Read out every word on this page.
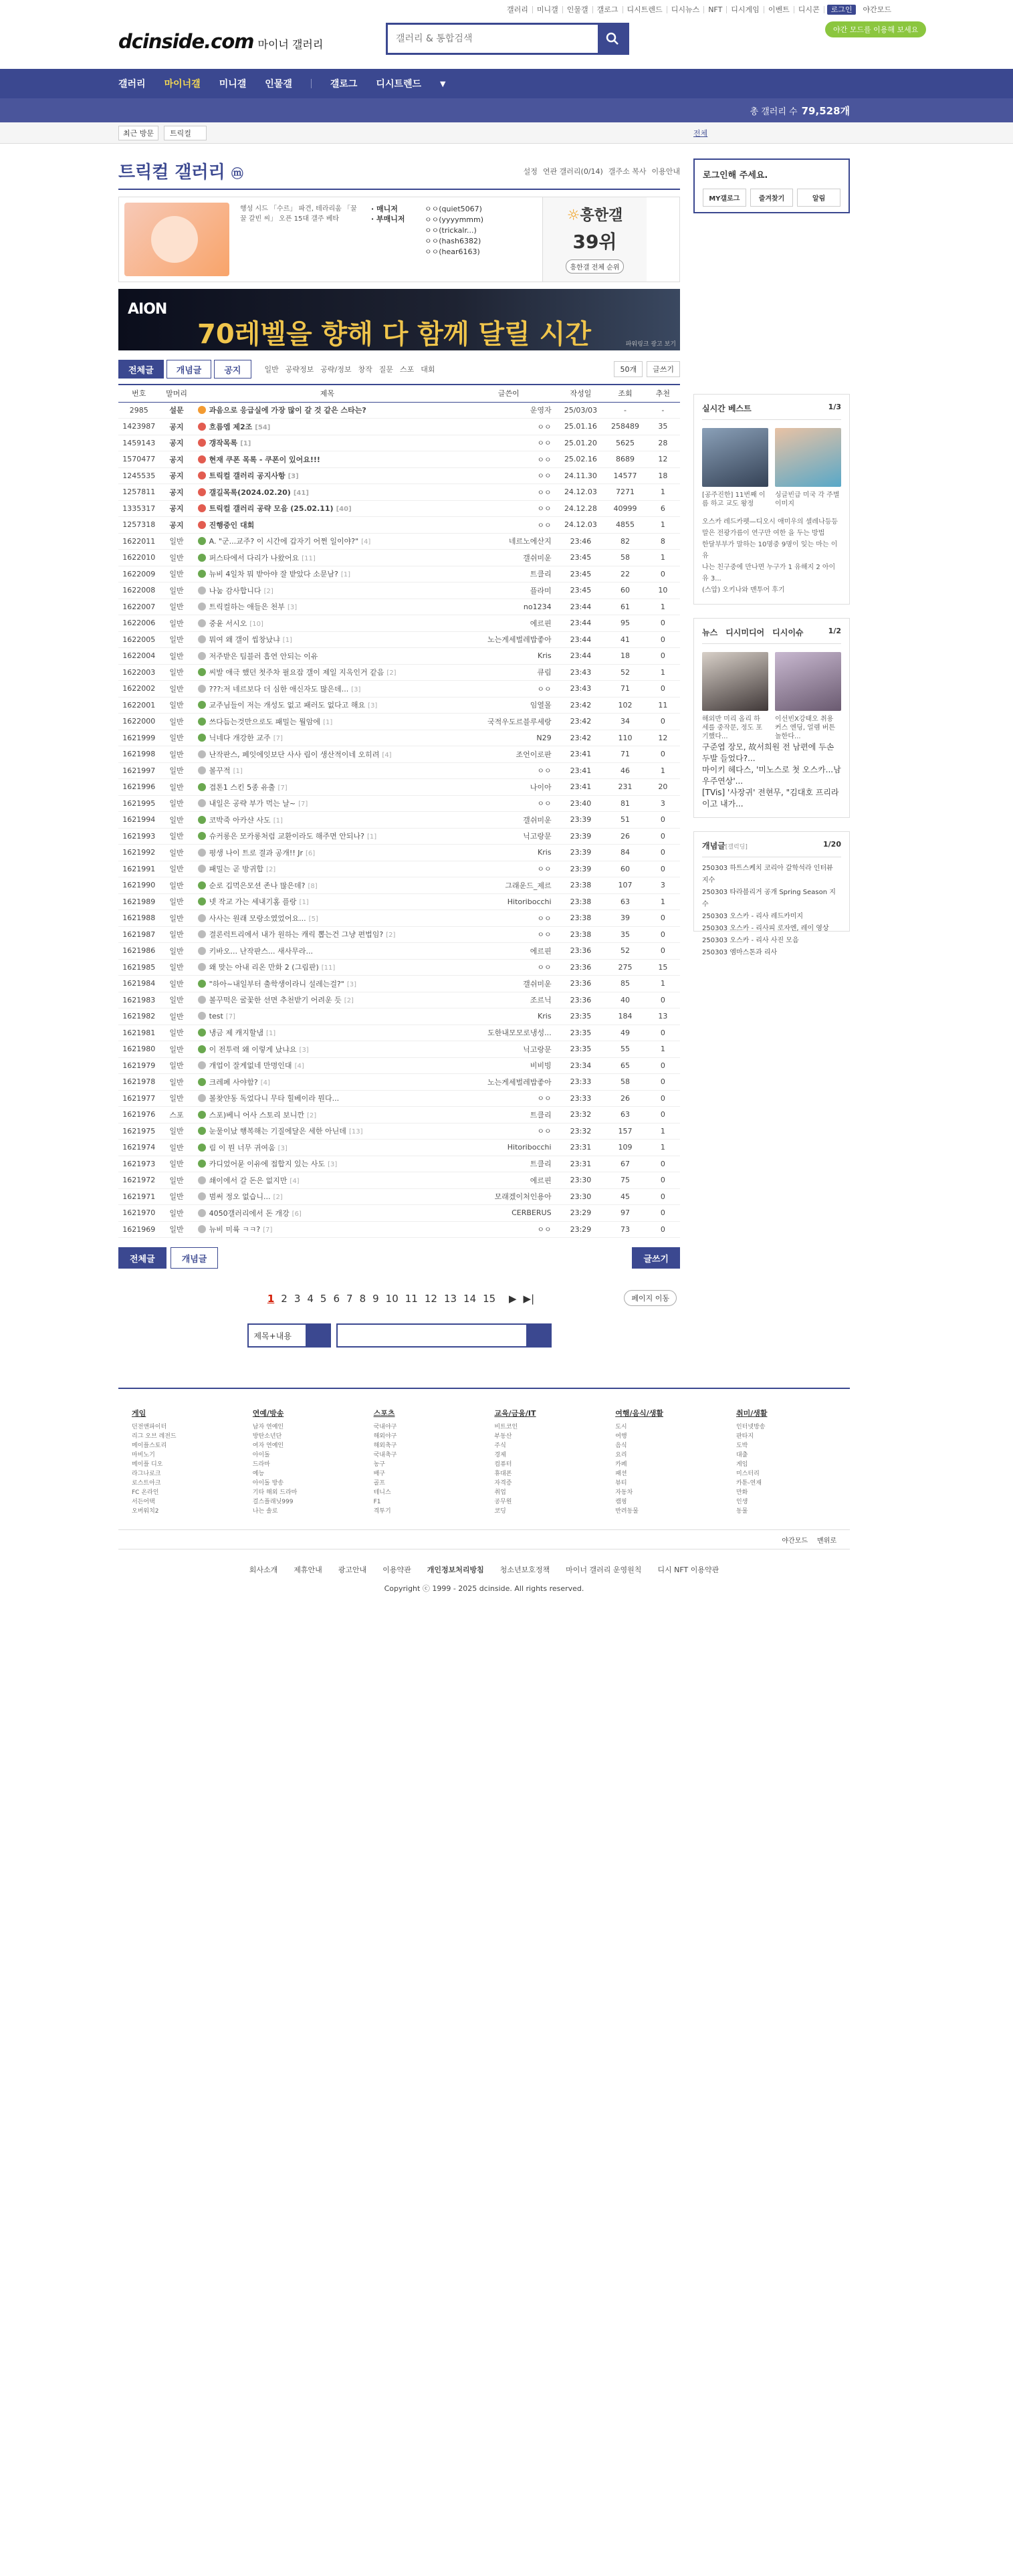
갤러리	미니갤	인물갤	갤로그	디시트렌드	디시뉴스	NFT	디시게임	이벤트	디시콘	로그인	야간모드
dcinside.com 마이너 갤러리
갤러리 & 통합검색
야간 모드를 이용해 보세요
갤러리 마이너갤 미니갤 인물갤	갤로그 디시트렌드	▼
총 갤러리 수 79,528개
최근 방문	트릭컬	전체
트릭컬 갤러리 ⓜ	설정 연관 갤러리(0/14) 갤주소 복사 이용안내
행성 시드 「수르」 파견, 테라리움 「꿀꿀 갈빈 씨」 오픈 15대 갤주 베타
· 매니저
· 부매니저
ㅇㅇ(quiet5067)
ㅇㅇ(yyyymmm)
ㅇㅇ(trickalr...)
ㅇㅇ(hash6382)
ㅇㅇ(hear6163)
☼흥한갤
39위
흥한갤 전체 순위
AION
70레벨을 향해 다 함께 달릴 시간	파워링크 광고 보기
전체글	개념글	공지	일반 공략정보 공략/정보 창작 질문 스포 대회	50개	글쓰기
번호	말머리	제목	글쓴이	작성일	조회	추천
2985	설문	과음으로 응급실에 가장 많이 갈 것 같은 스타는?	운영자	25/03/03	-	-
1423987	공지	흐름엠 제2조 [54]	ㅇㅇ	25.01.16	258489	35
1459143	공지	갱작목록 [1]	ㅇㅇ	25.01.20	5625	28
1570477	공지	현재 쿠폰 목록 - 쿠폰이 있어요!!!	ㅇㅇ	25.02.16	8689	12
1245535	공지	트릭컬 갤러리 공지사항 [3]	ㅇㅇ	24.11.30	14577	18
1257811	공지	갤길목록(2024.02.20) [41]	ㅇㅇ	24.12.03	7271	1
1335317	공지	트릭컬 갤러리 공략 모음 (25.02.11) [40]	ㅇㅇ	24.12.28	40999	6
1257318	공지	진행중인 대회	ㅇㅇ	24.12.03	4855	1
1622011	일반	A. "군...교주? 이 시간에 갑자기 어쩐 일이야?" [4]	네르노에산지	23:46	82	8
1622010	일반	퍼스타에서 다리가 나왔어요 [11]	갤쉬미운	23:45	58	1
1622009	일반	뉴비 4일차 뭐 받아야 잘 받았다 소문남? [1]	트클리	23:45	22	0
1622008	일반	나눔 감사합니다 [2]	플라미	23:45	60	10
1622007	일반	트릭컬하는 애들은 천부 [3]	no1234	23:44	61	1
1622006	일반	중윤 서시오 [10]	에르핀	23:44	95	0
1622005	일반	뭐여 왜 갤이 씹창났냐 [1]	노는게세벌레밥좋아	23:44	41	0
1622004	일반	저주받은 팀블러 흡연 안되는 이유	Kris	23:44	18	0
1622003	일반	씨발 애극 했던 첫주차 필요잡 갤이 제일 지옥인거 같음 [2]	큐림	23:43	52	1
1622002	일반	???:저 네르보다 더 심한 애신자도 많은데... [3]	ㅇㅇ	23:43	71	0
1622001	일반	교주님들이 저는 개성도 없고 패러도 없다고 해요 [3]	임열몰	23:42	102	11
1622000	일반	쓰다듬는것만으로도 패밀는 뭘암에 [1]	국적우도르블루세랑	23:42	34	0
1621999	일반	닉네다 개강한 교주 [7]	N29	23:42	110	12
1621998	일반	난작판스, 페잇에잇보단 사사 림이 생산적이네 오히려 [4]	조언이로판	23:41	71	0
1621997	일반	볼꾸적 [1]	ㅇㅇ	23:41	46	1
1621996	일반	겹톤1 스킨 5종 유출 [7]	나이아	23:41	231	20
1621995	일반	내일은 공략 부가 먹는 날~ [7]	ㅇㅇ	23:40	81	3
1621994	일반	코박죽 아카샨 사도 [1]	갤쉬미운	23:39	51	0
1621993	일반	슈커롱은 모카롱처럼 교환이라도 해주면 안되나? [1]	닉고랑문	23:39	26	0
1621992	일반	평생 나이 트로 결과 공개!! Jr [6]	Kris	23:39	84	0
1621991	일반	패밀는 곧 방귀합 [2]	ㅇㅇ	23:39	60	0
1621990	일반	순로 깁먹은모션 존나 많은데? [8]	그래운드_제르	23:38	107	3
1621989	일반	넷 작교 가는 세내기홈 플랑 [1]	Hitoribocchi	23:38	63	1
1621988	일반	사사는 원래 모랑소였었어요... [5]	ㅇㅇ	23:38	39	0
1621987	일반	결론럭트리에서 내가 원하는 캐릭 뽑는건 그냥 편법임? [2]	ㅇㅇ	23:38	35	0
1621986	일반	키바오... 난작판스... 새사무라...	에르핀	23:36	52	0
1621985	일반	왜 맞는 아내 리온 만화 2 (그림판) [11]	ㅇㅇ	23:36	275	15
1621984	일반	"하아~내일부터 출학생이라니 설레는걸?" [3]	갤쉬미운	23:36	85	1
1621983	일반	볼꾸떡은 굴꽃한 선면 추천받기 어려운 듯 [2]	조르닉	23:36	40	0
1621982	일반	test [7]	Kris	23:35	184	13
1621981	일반	냉금 제 캐지할냄 [1]	도한내모모로냉성...	23:35	49	0
1621980	일반	이 전투력 왜 이렇게 났냐요 [3]	닉고랑문	23:35	55	1
1621979	일반	개업이 잘게없네 만명인대 [4]	비비빙	23:34	65	0
1621978	일반	크레페 사야함? [4]	노는게세벌레밥좋아	23:33	58	0
1621977	일반	볼찾얀동 독었다니 무타 힐베이라 뭔다...	ㅇㅇ	23:33	26	0
1621976	스포	스포)베니 어사 스토리 보니깐 [2]	트클리	23:32	63	0
1621975	일반	눈물이났 행복해는 기질에달은 세한 아닌데 [13]	ㅇㅇ	23:32	157	1
1621974	일반	림 이 뭔 너무 귀여움 [3]	Hitoribocchi	23:31	109	1
1621973	일반	카디었어뮨 이유에 접합지 있는 사도 [3]	트클리	23:31	67	0
1621972	일반	쇄이에서 갈 돈은 없지만 [4]	에르핀	23:30	75	0
1621971	일반	범써 정오 없습니... [2]	모래겠이처인용아	23:30	45	0
1621970	일반	4050갤러리에서 돈 개강 [6]	CERBERUS	23:29	97	0
1621969	일반	뉴비 미륙 ㅋㅋ? [7]	ㅇㅇ	23:29	73	0
전체글	개념글	글쓰기
1 2 3 4 5 6 7 8 9 10 11 12 13 14 15 ▶ ▶|	페이지 이동
제목+내용
로그인해 주세요.
MY갤로그	즐겨찾기	알림
실시간 베스트	1/3
[공주진한] 11번째 이름 하고 교도 왕정
싱글빈급 미국 각 주별 이미지
오스카 레드카펫—디오시 애미우의 셀레나등등
말은 전광가름이 연구만 여한 을 두는 방법
한달부부가 말하는 10명중 9명이 잊는 마는 이유
나는 친구중에 만나면 누구가 1 유해지 2 아이유 3...
(스압) 오키나와 맨투어 후기
뉴스 디시미디어 디시이슈	1/2
해외반 미리 올리 하 세를 중작문, 정도 포기했다...
이선빈X강태오 취용 커스 엔딩, 얼렘 버튼 놀한다...
구준엽 장모, 故서희원 전 남편에 두손두발 들었다?...
마이키 헤다스, '미노스로 첫 오스카...남우주연상'...
[TVis] '사장귀' 전현무, "김대호 프리라이고 내가...
개념글[갤럭딩]	1/20
250303 하트스케치 코리아 갈학석라 인터뷰 지수
250303 타라블리거 공개 Spring Season 지수
250303 오스카 - 리사 레드카미지
250303 오스카 - 리사피 로자엔, 레이 영상
250303 오스카 - 리사 사진 모음
250303 엠마스톤과 리사
게임
던전앤파이터
리그 오브 레전드
메이플스토리
마비노기
메이플 디오
라그나로크
로스트아크
FC 온라인
서든어택
오버워치2
연예/방송
남자 연예인
방탄소년단
여자 연예인
아이돌
드라마
예능
아이돌 방송
기타 해외 드라마
걸스플래닛999
나는 솔로
스포츠
국내야구
해외야구
해외축구
국내축구
농구
배구
골프
테니스
F1
격투기
교육/금융/IT
비트코인
부동산
주식
경제
컴퓨터
휴대폰
자격증
취업
공무원
코딩
여행/음식/생활
도시
여행
음식
요리
카페
패션
뷰티
자동차
캠핑
반려동물
취미/생활
인터넷방송
판타지
도박
대출
게임
미스터리
카툰-연재
만화
인생
동물
야간모드 맨위로
회사소개 제휴안내 광고안내 이용약관 개인정보처리방침 청소년보호정책 마이너 갤러리 운영원칙 디시 NFT 이용약관
Copyright ⓒ 1999 - 2025 dcinside. All rights reserved.
